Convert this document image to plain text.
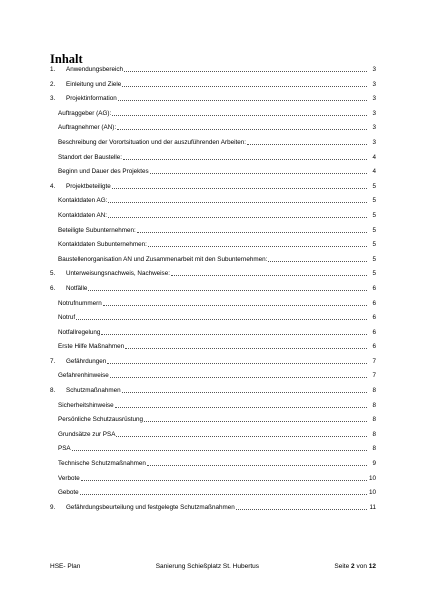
Inhalt
1.	Anwendungsbereich	3
2.	Einleitung und Ziele	3
3.	Projektinformation	3
Auftraggeber (AG):	3
Auftragnehmer (AN):	3
Beschreibung der Vorortsituation und der auszuführenden Arbeiten:	3
Standort der Baustelle:	4
Beginn und Dauer des Projektes	4
4.	Projektbeteiligte	5
Kontaktdaten AG:	5
Kontaktdaten AN:	5
Beteiligte Subunternehmen:	5
Kontaktdaten Subunternehmen:	5
Baustellenorganisation AN und Zusammenarbeit mit den Subunternehmen:	5
5.	Unterweisungsnachweis, Nachweise:	5
6.	Notfälle	6
Notrufnummern	6
Notruf	6
Notfallregelung	6
Erste Hilfe Maßnahmen	6
7.	Gefährdungen	7
Gefahrenhinweise	7
8.	Schutzmaßnahmen	8
Sicherheitshinweise	8
Persönliche Schutzausrüstung	8
Grundsätze zur PSA	8
PSA	8
Technische Schutzmaßnahmen	9
Verbote	10
Gebote	10
9.	Gefährdungsbeurteilung und festgelegte Schutzmaßnahmen	11
HSE- Plan	Sanierung Schießplatz St. Hubertus	Seite 2 von 12
